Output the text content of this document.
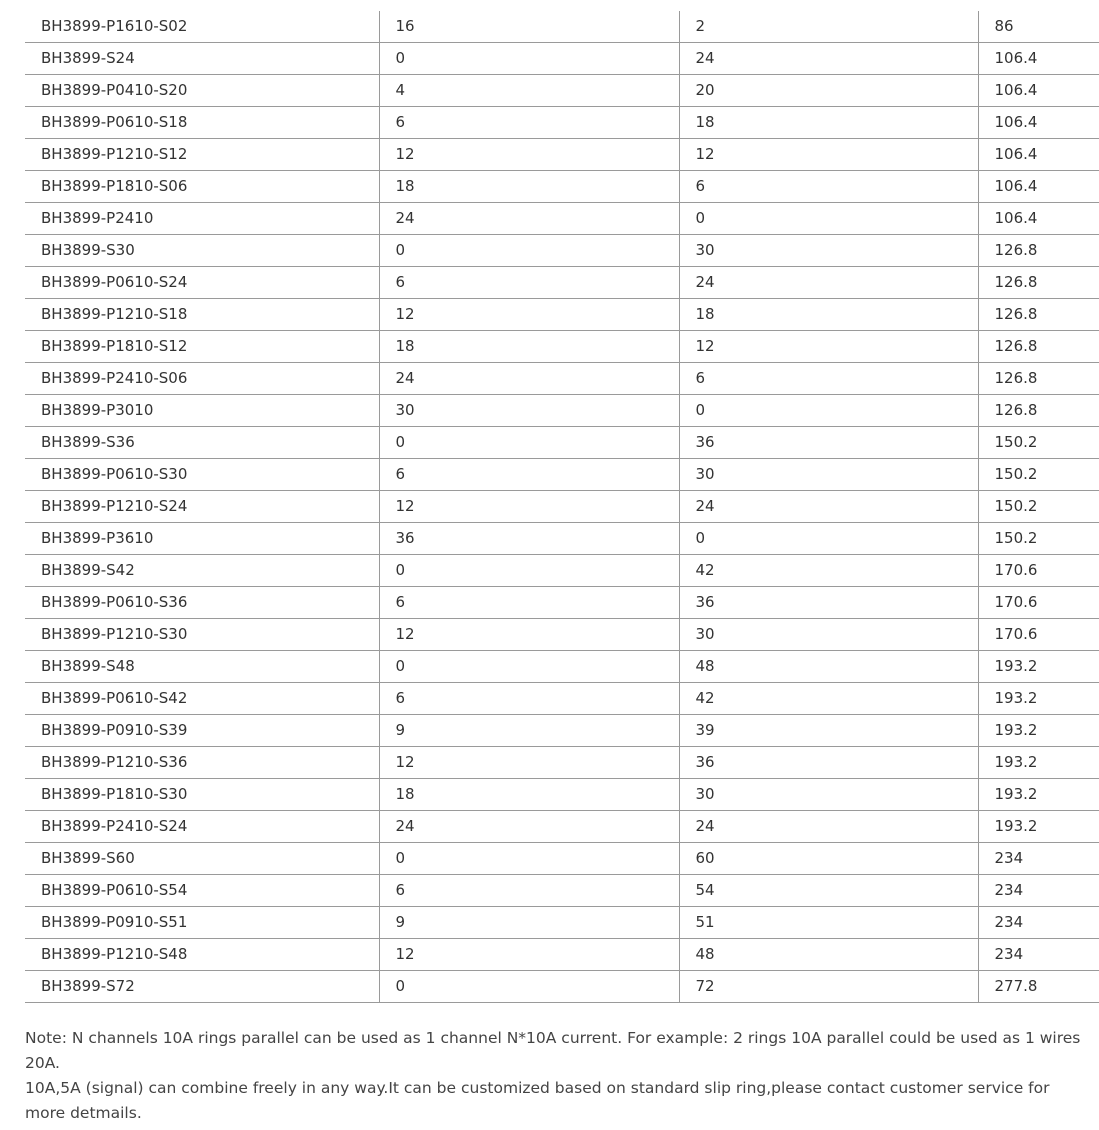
BH3899-P1610-S02	16	2	86
BH3899-S24	0	24	106.4
BH3899-P0410-S20	4	20	106.4
BH3899-P0610-S18	6	18	106.4
BH3899-P1210-S12	12	12	106.4
BH3899-P1810-S06	18	6	106.4
BH3899-P2410	24	0	106.4
BH3899-S30	0	30	126.8
BH3899-P0610-S24	6	24	126.8
BH3899-P1210-S18	12	18	126.8
BH3899-P1810-S12	18	12	126.8
BH3899-P2410-S06	24	6	126.8
BH3899-P3010	30	0	126.8
BH3899-S36	0	36	150.2
BH3899-P0610-S30	6	30	150.2
BH3899-P1210-S24	12	24	150.2
BH3899-P3610	36	0	150.2
BH3899-S42	0	42	170.6
BH3899-P0610-S36	6	36	170.6
BH3899-P1210-S30	12	30	170.6
BH3899-S48	0	48	193.2
BH3899-P0610-S42	6	42	193.2
BH3899-P0910-S39	9	39	193.2
BH3899-P1210-S36	12	36	193.2
BH3899-P1810-S30	18	30	193.2
BH3899-P2410-S24	24	24	193.2
BH3899-S60	0	60	234
BH3899-P0610-S54	6	54	234
BH3899-P0910-S51	9	51	234
BH3899-P1210-S48	12	48	234
BH3899-S72	0	72	277.8
Note: N channels 10A rings parallel can be used as 1 channel N*10A current. For example: 2 rings 10A parallel could be used as 1 wires 20A.
10A,5A (signal) can combine freely in any way.It can be customized based on standard slip ring,please contact customer service for
more detmails.
